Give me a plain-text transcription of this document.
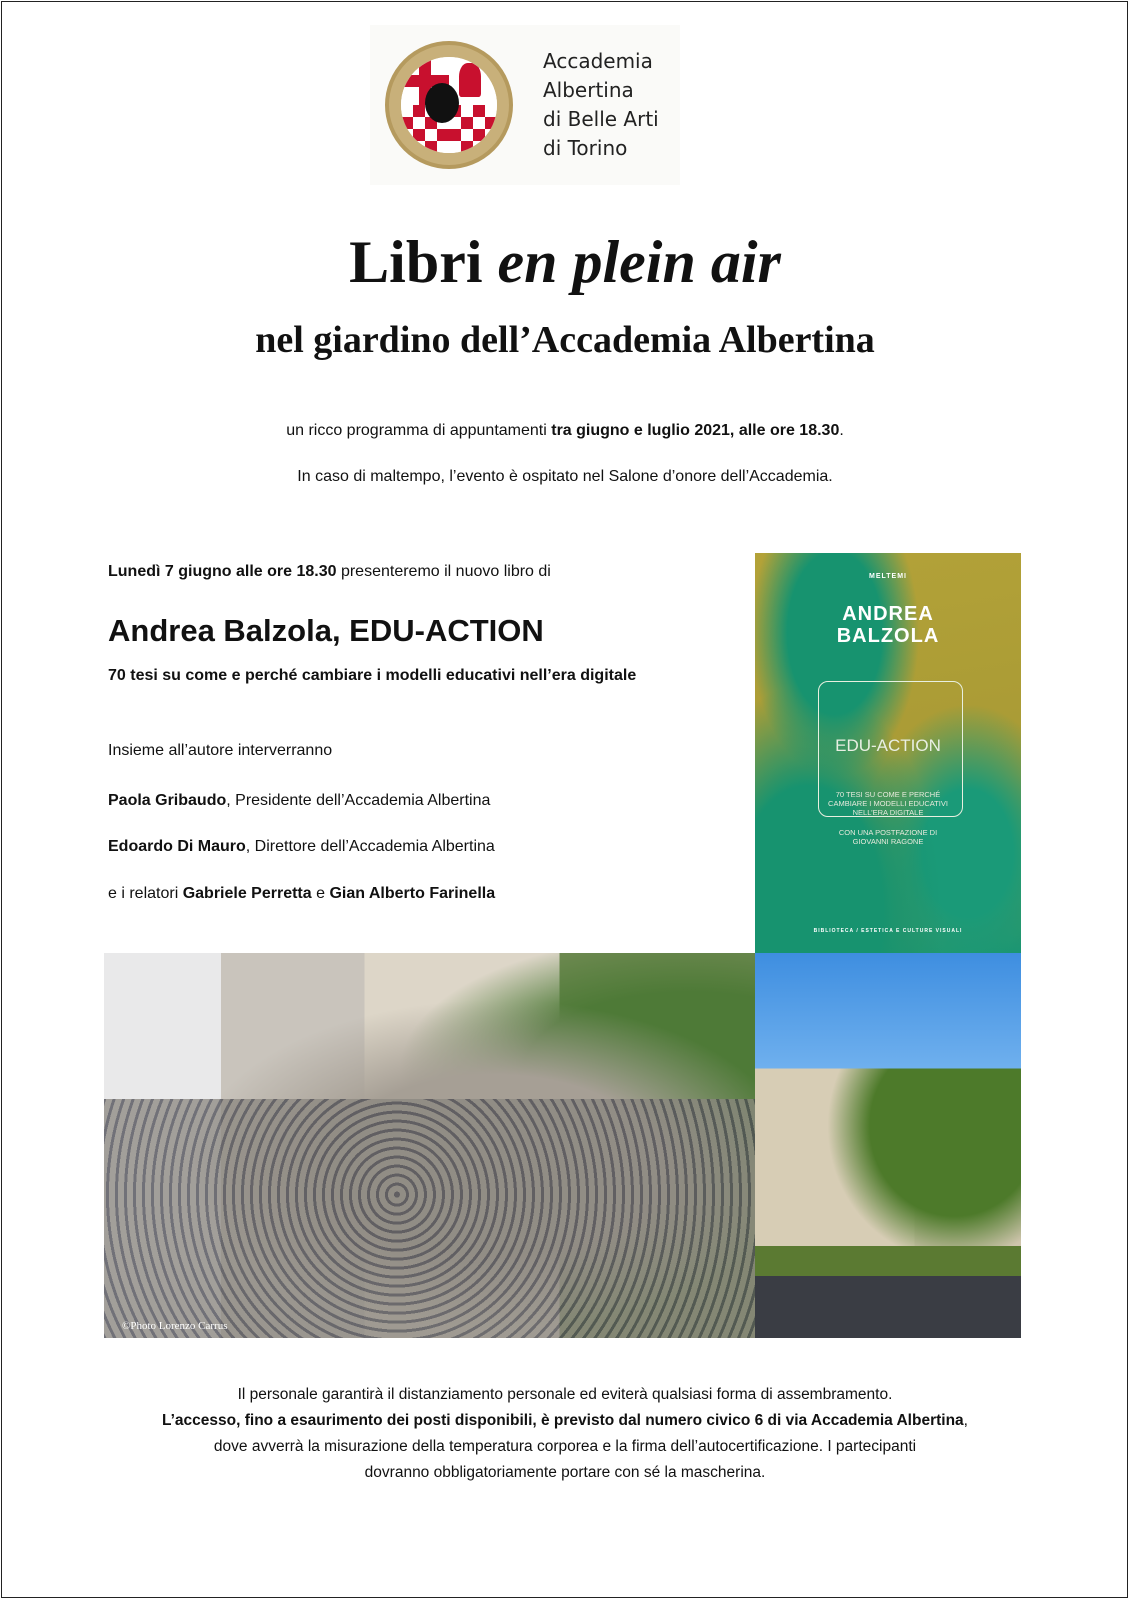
Accademia
Albertina
di Belle Arti
di Torino
Libri en plein air
nel giardino dell’Accademia Albertina

un ricco programma di appuntamenti tra giugno e luglio 2021, alle ore 18.30.

In caso di maltempo, l’evento è ospitato nel Salone d’onore dell’Accademia.

Lunedì 7 giugno alle ore 18.30 presenteremo il nuovo libro di

Andrea Balzola, EDU-ACTION

70 tesi su come e perché cambiare i modelli educativi nell’era digitale

Insieme all’autore interverranno

Paola Gribaudo, Presidente dell’Accademia Albertina

Edoardo Di Mauro, Direttore dell’Accademia Albertina

e i relatori Gabriele Perretta e Gian Alberto Farinella

MELTEMI
ANDREA BALZOLA
EDU-ACTION
70 TESI SU COME E PERCHÉ CAMBIARE I MODELLI EDUCATIVI NELL’ERA DIGITALE
CON UNA POSTFAZIONE DI GIOVANNI RAGONE
BIBLIOTECA / ESTETICA E CULTURE VISUALI
©Photo Lorenzo Carrus
Il personale garantirà il distanziamento personale ed eviterà qualsiasi forma di assembramento.
L’accesso, fino a esaurimento dei posti disponibili, è previsto dal numero civico 6 di via Accademia Albertina,
dove avverrà la misurazione della temperatura corporea e la firma dell’autocertificazione. I partecipanti
dovranno obbligatoriamente portare con sé la mascherina.
